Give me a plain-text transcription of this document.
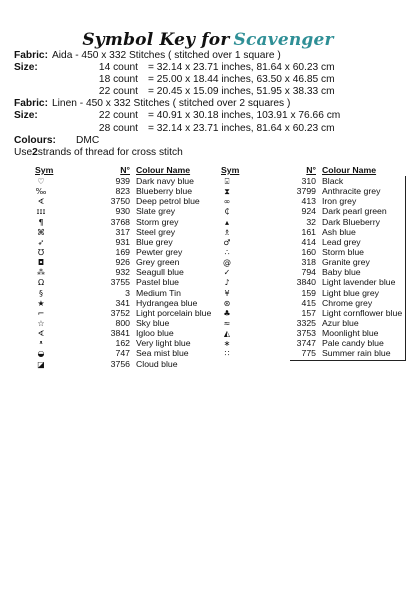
Symbol Key for Scavenger
Fabric: Aida - 450 x 332 Stitches ( stitched over 1 square )
Size:	14 count = 32.14 x 23.71 inches, 81.64 x 60.23 cm
18 count = 25.00 x 18.44 inches, 63.50 x 46.85 cm
22 count = 20.45 x 15.09 inches, 51.95 x 38.33 cm
Fabric: Linen - 450 x 332 Stitches ( stitched over 2 squares )
Size:	22 count = 40.91 x 30.18 inches, 103.91 x 76.66 cm
28 count = 32.14 x 23.71 inches, 81.64 x 60.23 cm
Colours:	DMC
Use 2 strands of thread for cross stitch
Sym	N° Colour Name
♡	939 Dark navy blue
‰	823 Blueberry blue
∢	3750 Deep petrol blue
ɪɪɪ	930 Slate grey
¶	3768 Storm grey
⌘	317 Steel grey
➶	931 Blue grey
℧	169 Pewter grey
◘	926 Grey green
⁂	932 Seagull blue
Ω	3755 Pastel blue
§	3 Medium Tin
★	341 Hydrangea blue
⌐	3752 Light porcelain blue
☆	800 Sky blue
∢	3841 Igloo blue
ᵜ	162 Very light blue
◒	747 Sea mist blue
◪	3756 Cloud blue
Sym	N° Colour Name
⌻	310 Black
⧗	3799 Anthracite grey
∞	413 Iron grey
₵	924 Dark pearl green
▴	32 Dark Blueberry
♗	161 Ash blue
♂	414 Lead grey
∴	160 Storm blue
@	318 Granite grey
✓	794 Baby blue
♪	3840 Light lavender blue
¥	159 Light blue grey
⊛	415 Chrome grey
♣	157 Light cornflower blue
≈	3325 Azur blue
◭	3753 Moonlight blue
∗	3747 Pale candy blue
∷	775 Summer rain blue
